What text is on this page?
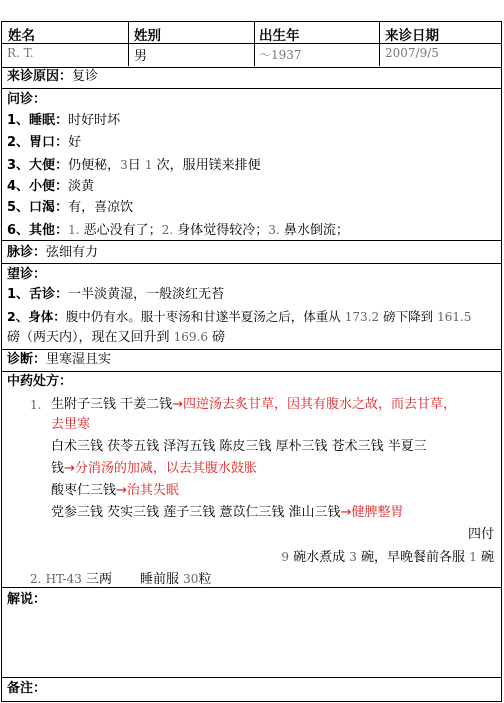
姓名	姓别	出生年	来诊日期
R. T.	男	～1937	2007/9/5
来诊原因：复诊
问诊：
1、睡眠：时好时坏
2、胃口：好
3、大便：仍便秘，3日 1 次，服用镁来排便
4、小便：淡黄
5、口渴：有，喜凉饮
6、其他：1. 恶心没有了；2. 身体觉得较冷；3. 鼻水倒流；
脉诊：弦细有力
望诊：
1、舌诊：一半淡黄湿，一般淡红无苔
2、身体：腹中仍有水。服十枣汤和甘遂半夏汤之后，体重从 173.2 磅下降到 161.5
磅（两天内），现在又回升到 169.6 磅
诊断：里寒湿且实
中药处方：
1. 生附子三钱 干姜二钱→四逆汤去炙甘草，因其有腹水之故，而去甘草，
去里寒
白术三钱 茯苓五钱 泽泻五钱 陈皮三钱 厚朴三钱 苍术三钱 半夏三
钱→分消汤的加减，以去其腹水鼓胀
酸枣仁三钱→治其失眠
党参三钱 芡实三钱 莲子三钱 薏苡仁三钱 淮山三钱→健脾整胃
四付
9 碗水煮成 3 碗，早晚餐前各服 1 碗
2. HT-43 三两 睡前服 30粒
解说：
备注：
